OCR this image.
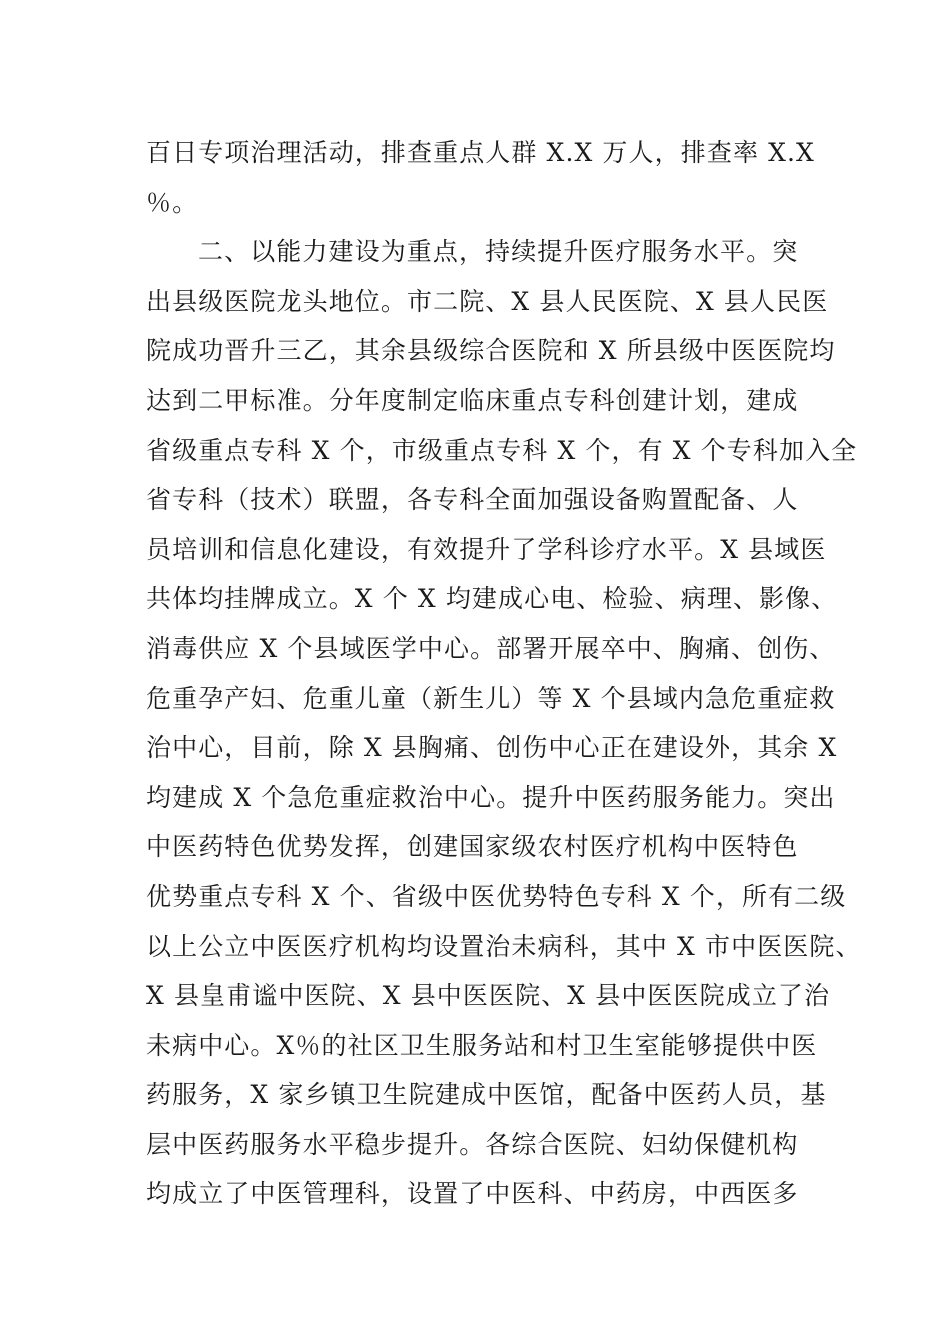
百日专项治理活动，排查重点人群 X.X 万人，排查率 X.X
％。
二、以能力建设为重点，持续提升医疗服务水平。突
出县级医院龙头地位。市二院、X 县人民医院、X 县人民医
院成功晋升三乙，其余县级综合医院和 X 所县级中医医院均
达到二甲标准。分年度制定临床重点专科创建计划，建成
省级重点专科 X 个，市级重点专科 X 个，有 X 个专科加入全
省专科（技术）联盟，各专科全面加强设备购置配备、人
员培训和信息化建设，有效提升了学科诊疗水平。X 县域医
共体均挂牌成立。X 个 X 均建成心电、检验、病理、影像、
消毒供应 X 个县域医学中心。部署开展卒中、胸痛、创伤、
危重孕产妇、危重儿童（新生儿）等 X 个县域内急危重症救
治中心，目前，除 X 县胸痛、创伤中心正在建设外，其余 X
均建成 X 个急危重症救治中心。提升中医药服务能力。突出
中医药特色优势发挥，创建国家级农村医疗机构中医特色
优势重点专科 X 个、省级中医优势特色专科 X 个，所有二级
以上公立中医医疗机构均设置治未病科，其中 X 市中医医院、
X 县皇甫谧中医院、X 县中医医院、X 县中医医院成立了治
未病中心。X％的社区卫生服务站和村卫生室能够提供中医
药服务，X 家乡镇卫生院建成中医馆，配备中医药人员，基
层中医药服务水平稳步提升。各综合医院、妇幼保健机构
均成立了中医管理科，设置了中医科、中药房，中西医多
